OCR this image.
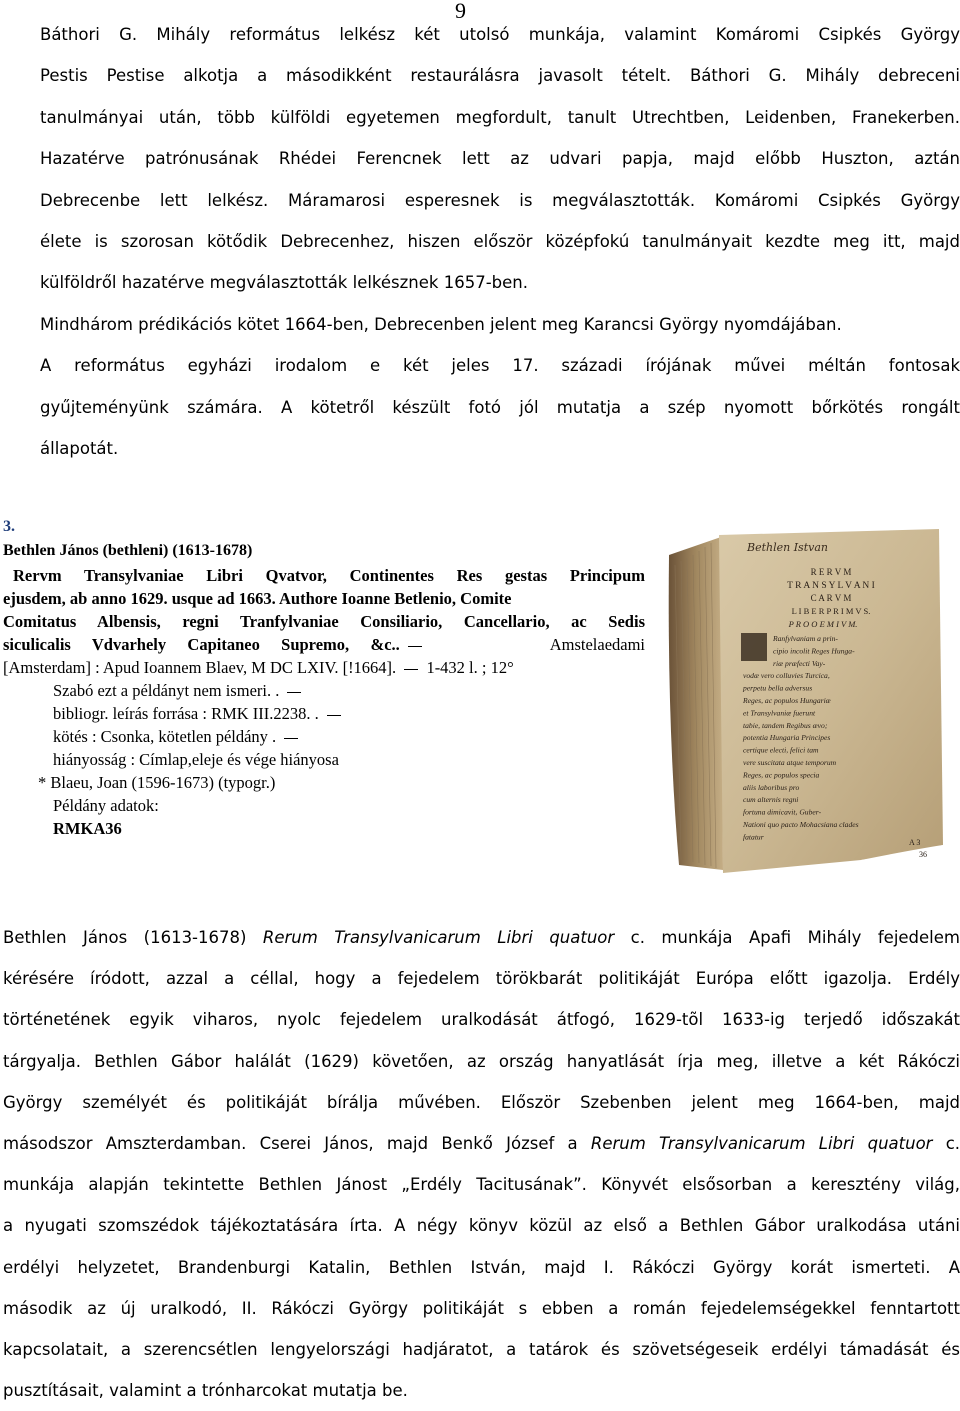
9
Báthori G. Mihály református lelkész két utolsó munkája, valamint Komáromi Csipkés György
Pestis Pestise alkotja a másodikként restaurálásra javasolt tételt. Báthori G. Mihály debreceni
tanulmányai után, több külföldi egyetemen megfordult, tanult Utrechtben, Leidenben, Franekerben.
Hazatérve patrónusának Rhédei Ferencnek lett az udvari papja, majd előbb Huszton, aztán
Debrecenbe lett lelkész. Máramarosi esperesnek is megválasztották. Komáromi Csipkés György
élete is szorosan kötődik Debrecenhez, hiszen először középfokú tanulmányait kezdte meg itt, majd
külföldről hazatérve megválasztották lelkésznek 1657-ben.
Mindhárom prédikációs kötet 1664-ben, Debrecenben jelent meg Karancsi György nyomdájában.
A református egyházi irodalom e két jeles 17. századi írójának művei méltán fontosak
gyűjteményünk számára. A kötetről készült fotó jól mutatja a szép nyomott bőrkötés rongált
állapotát.
3.
Bethlen János (bethleni) (1613-1678)
Rervm Transylvaniae Libri Qvatvor, Continentes Res gestas Principum
ejusdem, ab anno 1629. usque ad 1663. Authore Ioanne Betlenio, Comite
Comitatus Albensis, regni Tranfylvaniae Consiliario, Cancellario, ac Sedis
siculicalis Vdvarhely Capitaneo Supremo, &c..	Amstelaedami
[Amsterdam] : Apud Ioannem Blaev, M DC LXIV. [!1664]. 1-432 l. ; 12°
Szabó ezt a példányt nem ismeri. .
bibliogr. leírás forrása : RMK III.2238. .
kötés : Csonka, kötetlen példány .
hiányosság : Címlap,eleje és vége hiányosa
* Blaeu, Joan (1596-1673) (typogr.)
Példány adatok:
RMKA36
Bethlen Istvan
R E R V M
T R A N S Y L V A N I
C A R V M
L I B E R P R I M V S.
P R O O E M I V M.
Ranfylvaniam a prin-
cipio incolit Reges Hunga-
riæ præfecti Vay-
vodæ vero colluvies Turcica,
perpetu bella adversus
Reges, ac populos Hungariæ
et Transylvaniæ fuerunt
tabie, tandem Regibus ævo;
potentia Hungaria Principes
certique electi, felici tam
vere suscitata atque temporum
Reges, ac populos specia
aliis laboribus pro
cum alternis regni
fortuna dimicavit, Guber-
Nationi quo pacto Mohacsiana clades
fatatur
A 3
36
Bethlen János (1613-1678) Rerum Transylvanicarum Libri quatuor c. munkája Apafi Mihály fejedelem
kérésére íródott, azzal a céllal, hogy a fejedelem törökbarát politikáját Európa előtt igazolja. Erdély
történetének egyik viharos, nyolc fejedelem uralkodását átfogó, 1629-tõl 1633-ig terjedő időszakát
tárgyalja. Bethlen Gábor halálát (1629) követően, az ország hanyatlását írja meg, illetve a két Rákóczi
György személyét és politikáját bírálja művében. Először Szebenben jelent meg 1664-ben, majd
másodszor Amszterdamban. Cserei János, majd Benkő József a Rerum Transylvanicarum Libri quatuor c.
munkája alapján tekintette Bethlen Jánost „Erdély Tacitusának”. Könyvét elsősorban a keresztény világ,
a nyugati szomszédok tájékoztatására írta. A négy könyv közül az első a Bethlen Gábor uralkodása utáni
erdélyi helyzetet, Brandenburgi Katalin, Bethlen István, majd I. Rákóczi György korát ismerteti. A
második az új uralkodó, II. Rákóczi György politikáját s ebben a román fejedelemségekkel fenntartott
kapcsolatait, a szerencsétlen lengyelországi hadjáratot, a tatárok és szövetségeseik erdélyi támadását és
pusztításait, valamint a trónharcokat mutatja be.
